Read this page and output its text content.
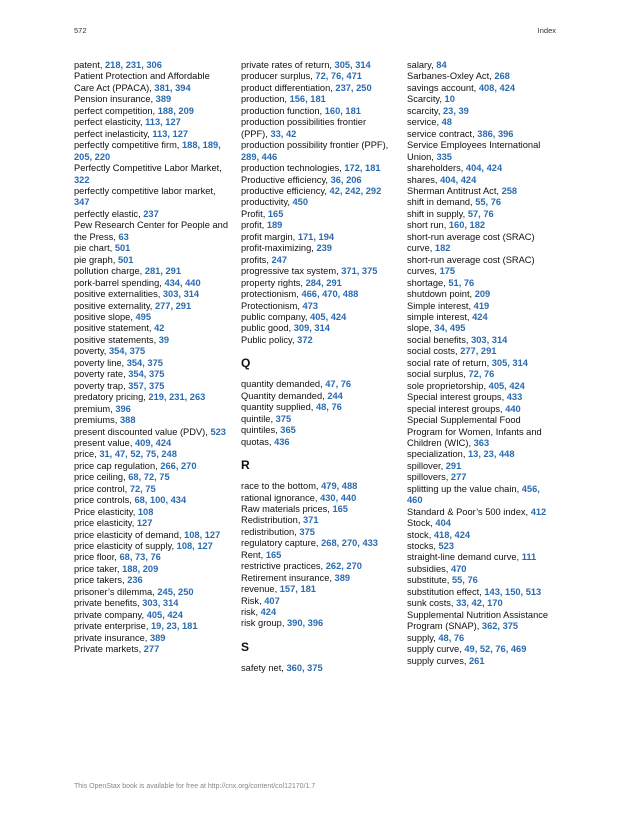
572	Index
patent, 218, 231, 306
Patient Protection and Affordable Care Act (PPACA), 381, 394
Pension insurance, 389
perfect competition, 188, 209
perfect elasticity, 113, 127
perfect inelasticity, 113, 127
perfectly competitive firm, 188, 189, 205, 220
Perfectly Competitive Labor Market, 322
perfectly competitive labor market, 347
perfectly elastic, 237
Pew Research Center for People and the Press, 63
pie chart, 501
pie graph, 501
pollution charge, 281, 291
pork-barrel spending, 434, 440
positive externalities, 303, 314
positive externality, 277, 291
positive slope, 495
positive statement, 42
positive statements, 39
poverty, 354, 375
poverty line, 354, 375
poverty rate, 354, 375
poverty trap, 357, 375
predatory pricing, 219, 231, 263
premium, 396
premiums, 388
present discounted value (PDV), 523
present value, 409, 424
price, 31, 47, 52, 75, 248
price cap regulation, 266, 270
price ceiling, 68, 72, 75
price control, 72, 75
price controls, 68, 100, 434
Price elasticity, 108
price elasticity, 127
price elasticity of demand, 108, 127
price elasticity of supply, 108, 127
price floor, 68, 73, 76
price taker, 188, 209
price takers, 236
prisoner’s dilemma, 245, 250
private benefits, 303, 314
private company, 405, 424
private enterprise, 19, 23, 181
private insurance, 389
Private markets, 277
private rates of return, 305, 314
producer surplus, 72, 76, 471
product differentiation, 237, 250
production, 156, 181
production function, 160, 181
production possibilities frontier (PPF), 33, 42
production possibility frontier (PPF), 289, 446
production technologies, 172, 181
Productive efficiency, 36, 206
productive efficiency, 42, 242, 292
productivity, 450
Profit, 165
profit, 189
profit margin, 171, 194
profit-maximizing, 239
profits, 247
progressive tax system, 371, 375
property rights, 284, 291
protectionism, 466, 470, 488
Protectionism, 473
public company, 405, 424
public good, 309, 314
Public policy, 372
Q
quantity demanded, 47, 76
Quantity demanded, 244
quantity supplied, 48, 76
quintile, 375
quintiles, 365
quotas, 436
R
race to the bottom, 479, 488
rational ignorance, 430, 440
Raw materials prices, 165
Redistribution, 371
redistribution, 375
regulatory capture, 268, 270, 433
Rent, 165
restrictive practices, 262, 270
Retirement insurance, 389
revenue, 157, 181
Risk, 407
risk, 424
risk group, 390, 396
S
safety net, 360, 375
salary, 84
Sarbanes-Oxley Act, 268
savings account, 408, 424
Scarcity, 10
scarcity, 23, 39
service, 48
service contract, 386, 396
Service Employees International Union, 335
shareholders, 404, 424
shares, 404, 424
Sherman Antitrust Act, 258
shift in demand, 55, 76
shift in supply, 57, 76
short run, 160, 182
short-run average cost (SRAC) curve, 182
short-run average cost (SRAC) curves, 175
shortage, 51, 76
shutdown point, 209
Simple interest, 419
simple interest, 424
slope, 34, 495
social benefits, 303, 314
social costs, 277, 291
social rate of return, 305, 314
social surplus, 72, 76
sole proprietorship, 405, 424
Special interest groups, 433
special interest groups, 440
Special Supplemental Food Program for Women, Infants and Children (WIC), 363
specialization, 13, 23, 448
spillover, 291
spillovers, 277
splitting up the value chain, 456, 460
Standard & Poor’s 500 index, 412
Stock, 404
stock, 418, 424
stocks, 523
straight-line demand curve, 111
subsidies, 470
substitute, 55, 76
substitution effect, 143, 150, 513
sunk costs, 33, 42, 170
Supplemental Nutrition Assistance Program (SNAP), 362, 375
supply, 48, 76
supply curve, 49, 52, 76, 469
supply curves, 261
This OpenStax book is available for free at http://cnx.org/content/col12170/1.7
